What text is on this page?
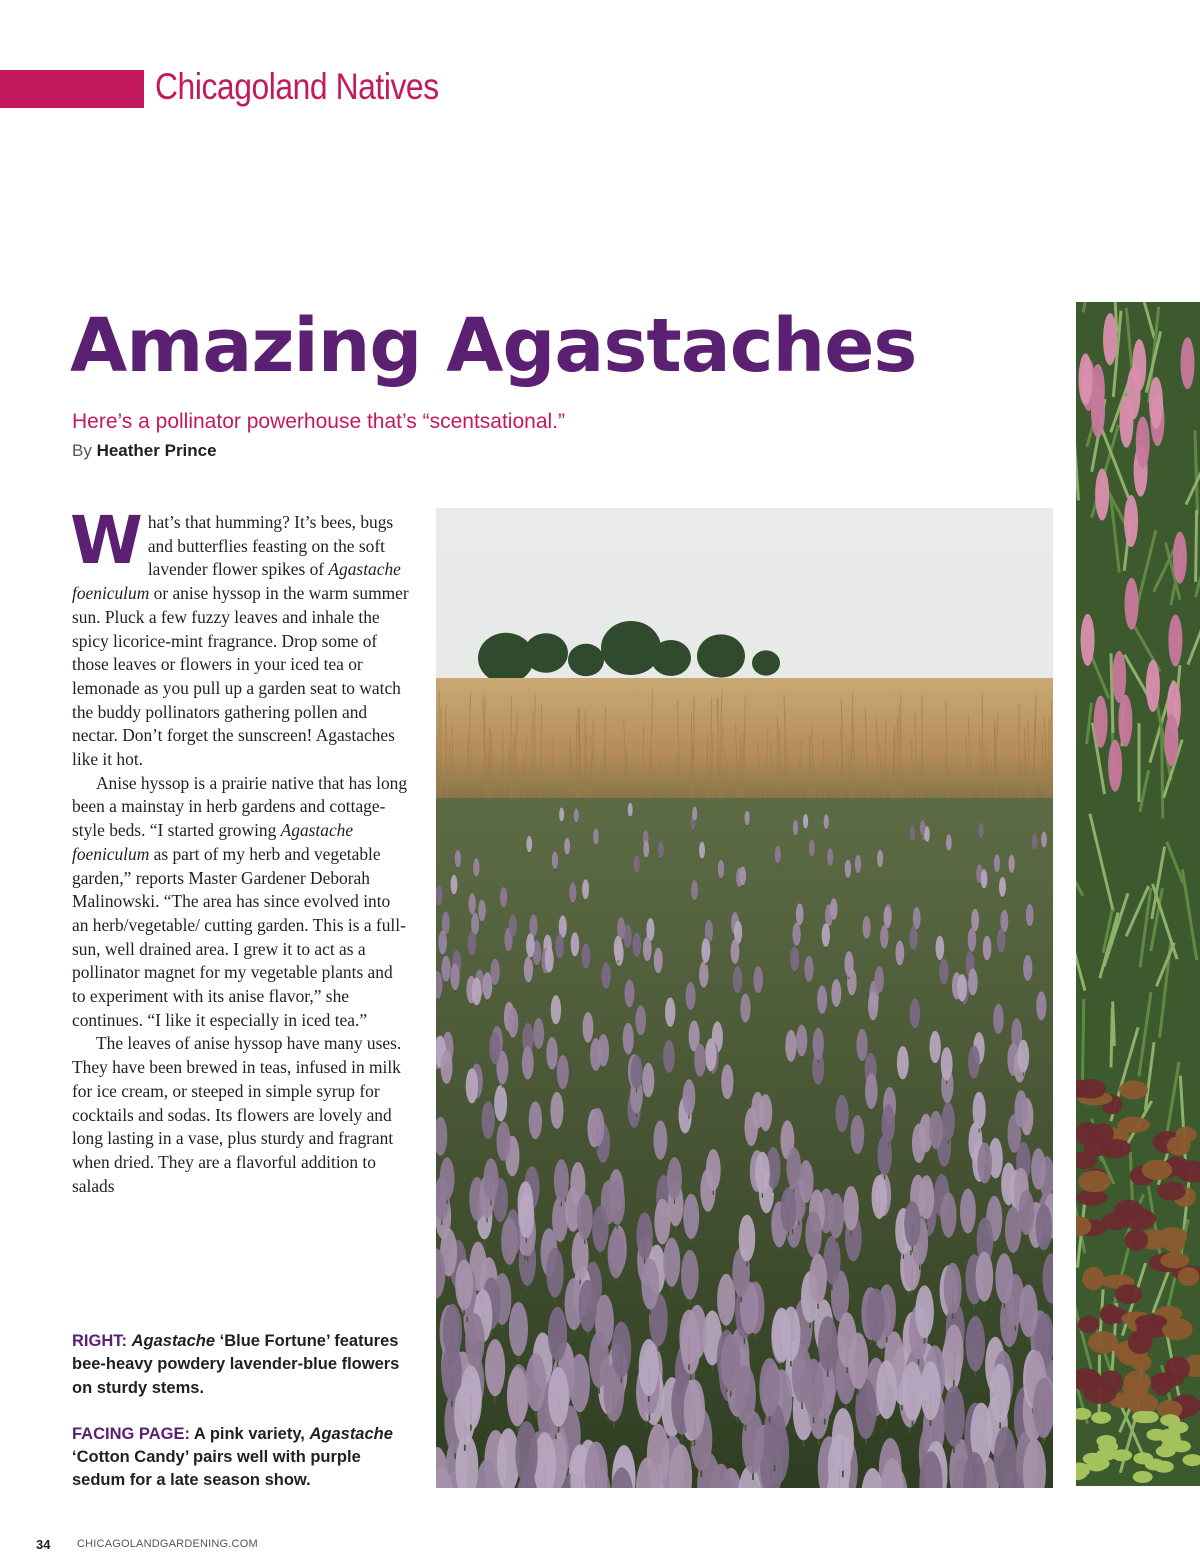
Chicagoland Natives
Amazing Agastaches
Here’s a pollinator powerhouse that’s “scentsational.”
By Heather Prince

What’s that humming? It’s bees, bugs and butterflies feasting on the soft lavender flower spikes of Agastache foeniculum or anise hyssop in the warm summer sun. Pluck a few fuzzy leaves and inhale the spicy licorice-mint fragrance. Drop some of those leaves or flowers in your iced tea or lemonade as you pull up a garden seat to watch the buddy pollinators gathering pollen and nectar. Don’t forget the sunscreen! Agastaches like it hot.

Anise hyssop is a prairie native that has long been a mainstay in herb gardens and cottage-style beds. “I started growing Agastache foeniculum as part of my herb and vegetable garden,” reports Master Gardener Deborah Malinowski. “The area has since evolved into an herb/vegetable/ cutting garden. This is a full-sun, well drained area. I grew it to act as a pollinator magnet for my vegetable plants and to experiment with its anise flavor,” she continues. “I like it especially in iced tea.”

The leaves of anise hyssop have many uses. They have been brewed in teas, infused in milk for ice cream, or steeped in simple syrup for cocktails and sodas. Its flowers are lovely and long lasting in a vase, plus sturdy and fragrant when dried. They are a flavorful addition to salads

RIGHT: Agastache ‘Blue Fortune’ features bee-heavy powdery lavender-blue flowers on sturdy stems.

FACING PAGE: A pink variety, Agastache ‘Cotton Candy’ pairs well with purple sedum for a late season show.

34 CHICAGOLANDGARDENING.COM
